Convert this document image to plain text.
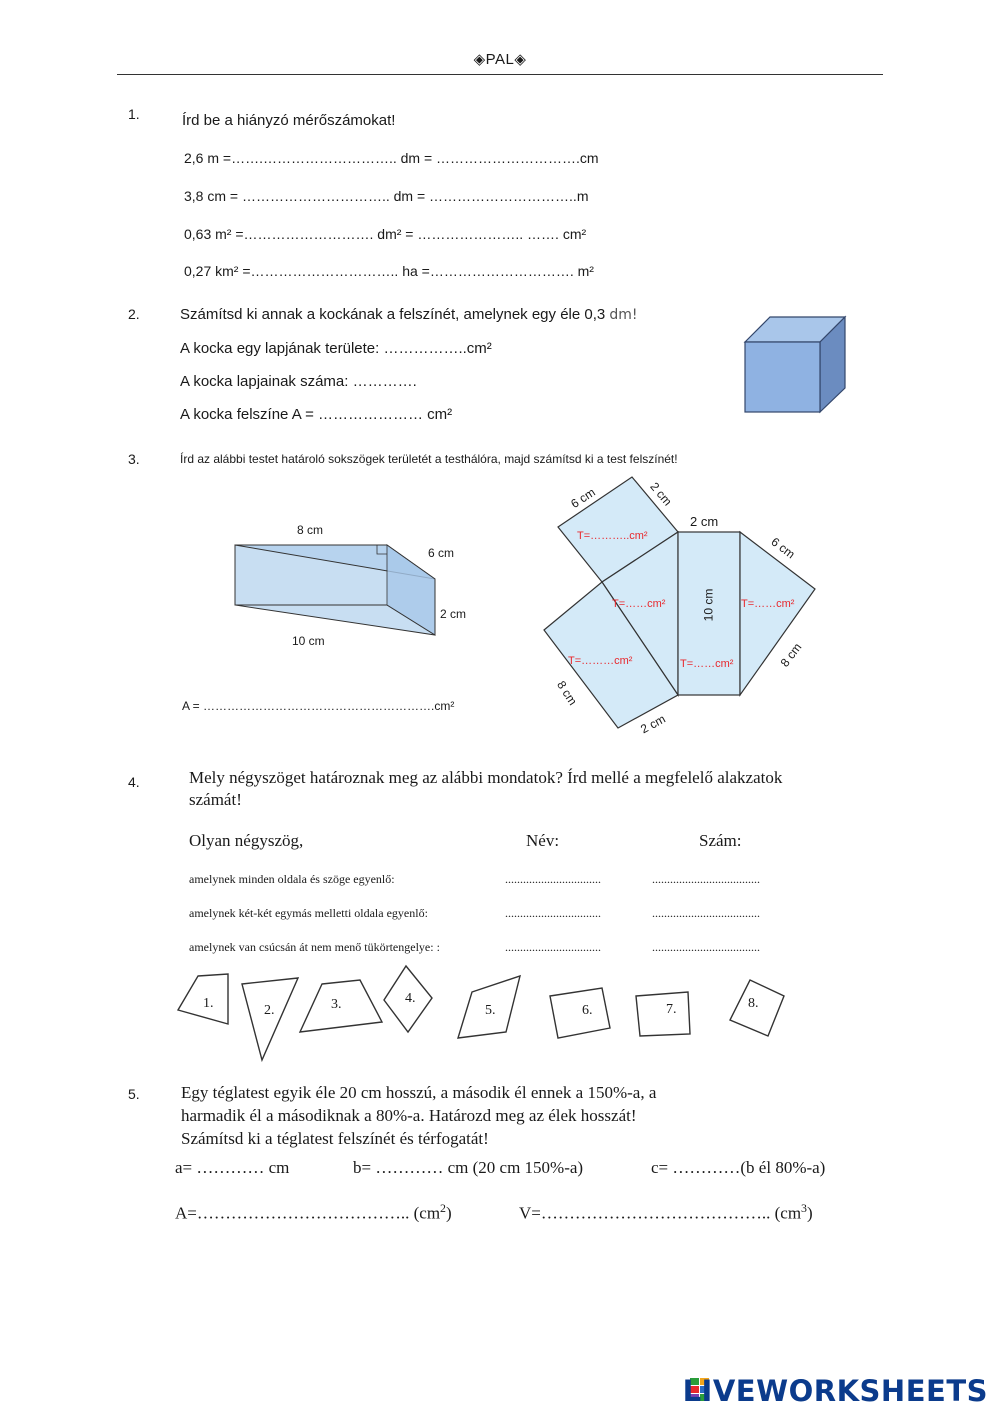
◈PAL◈
1.	Írd be a hiányzó mérőszámokat!
2,6 m =…….……………………….. dm = ………………………….cm
3,8 cm = ………………………….. dm = …………………………..m
0,63 m² =………………………. dm² = ………………….. ……. cm²
0,27 km² =………………………….. ha =…………………………. m²
2.	Számítsd ki annak a kockának a felszínét, amelynek egy éle 0,3 dm!
A kocka egy lapjának területe: ……………..cm²
A kocka lapjainak száma: ………….
A kocka felszíne A = ………………… cm²
3.	Írd az alábbi testet határoló sokszögek területét a testhálóra, majd számítsd ki a test felszínét!
8 cm
6 cm
2 cm
10 cm
A = ………………………………………………….cm²
6 cm	2 cm
2 cm
6 cm
10 cm
8 cm
8 cm
2 cm
T=………..cm²
T=……cm²	T=……cm²
T=………cm²	T=……cm²
4.	Mely négyszöget határoznak meg az alábbi mondatok? Írd mellé a megfelelő alakzatok
számát!
Olyan négyszög,	Név:	Szám:
amelynek minden oldala és szöge egyenlő:	................................	....................................
amelynek két-két egymás melletti oldala egyenlő:	................................	....................................
amelynek van csúcsán át nem menő tükörtengelye: :	................................	....................................
1.	2.	3.	4.
5.	6.	7.	8.
5. Egy téglatest egyik éle 20 cm hosszú, a második él ennek a 150%-a, a
harmadik él a másodiknak a 80%-a. Határozd meg az élek hosszát!
Számítsd ki a téglatest felszínét és térfogatát!
a= ………… cm	b= ………… cm (20 cm 150%-a)	c= …………(b él 80%-a)
A=……………………………….. $(cm^2)$	V=………………………………….. $(cm^3)$
LIVEWORKSHEETS
